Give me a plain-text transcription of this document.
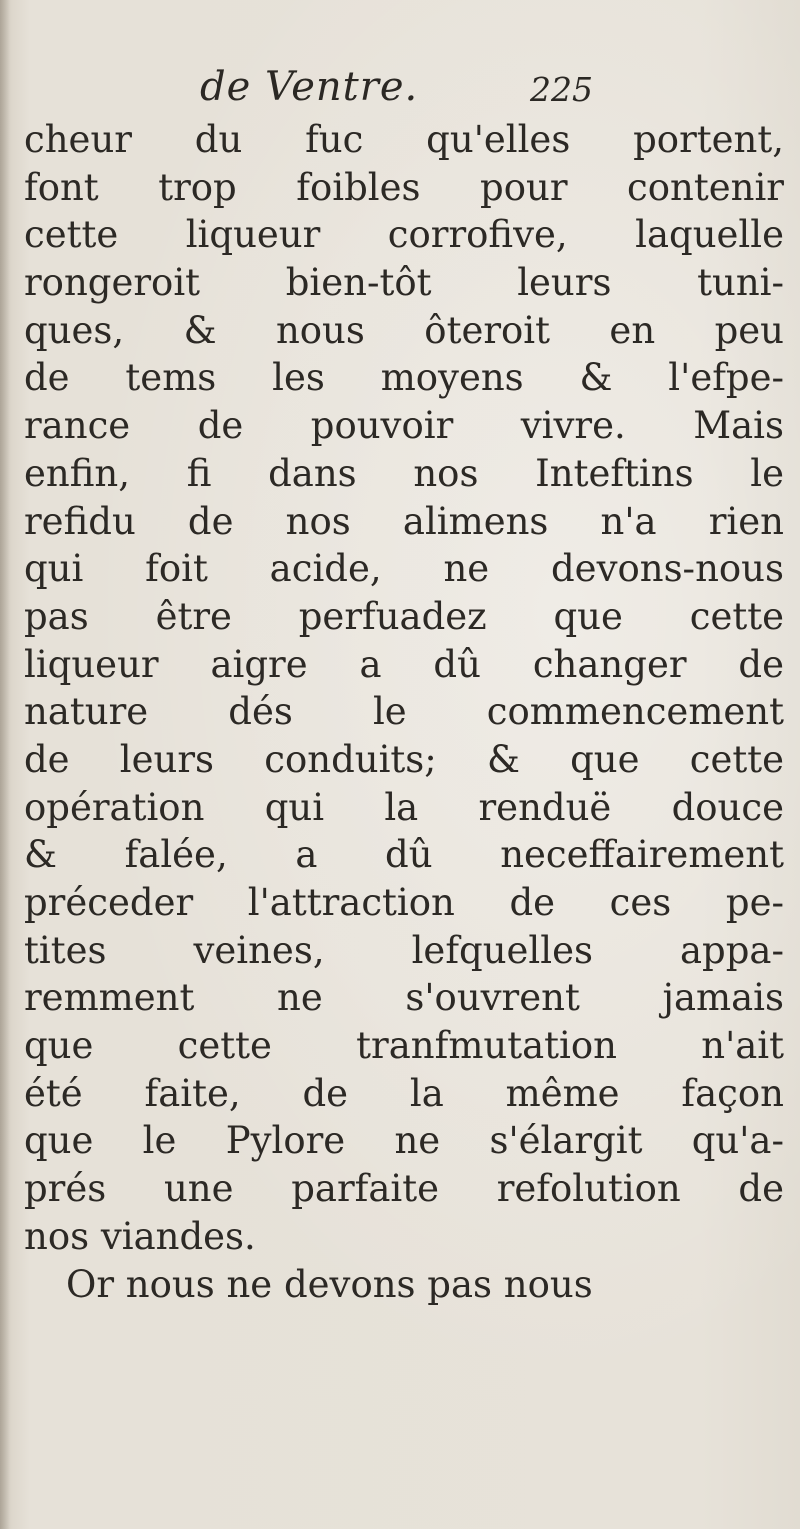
de Ventre.	225
cheur du fuc qu'elles portent,
font trop foibles pour contenir
cette liqueur corrofive, laquelle
rongeroit bien-tôt leurs tuni-
ques, & nous ôteroit en peu
de tems les moyens & l'efpe-
rance de pouvoir vivre. Mais
enfin, fi dans nos Inteftins le
refidu de nos alimens n'a rien
qui foit acide, ne devons-nous
pas être perfuadez que cette
liqueur aigre a dû changer de
nature dés le commencement
de leurs conduits; & que cette
opération qui la renduë douce
& falée, a dû neceffairement
préceder l'attraction de ces pe-
tites veines, lefquelles appa-
remment ne s'ouvrent jamais
que cette tranfmutation n'ait
été faite, de la même façon
que le Pylore ne s'élargit qu'a-
prés une parfaite refolution de
nos viandes.
Or nous ne devons pas nous
